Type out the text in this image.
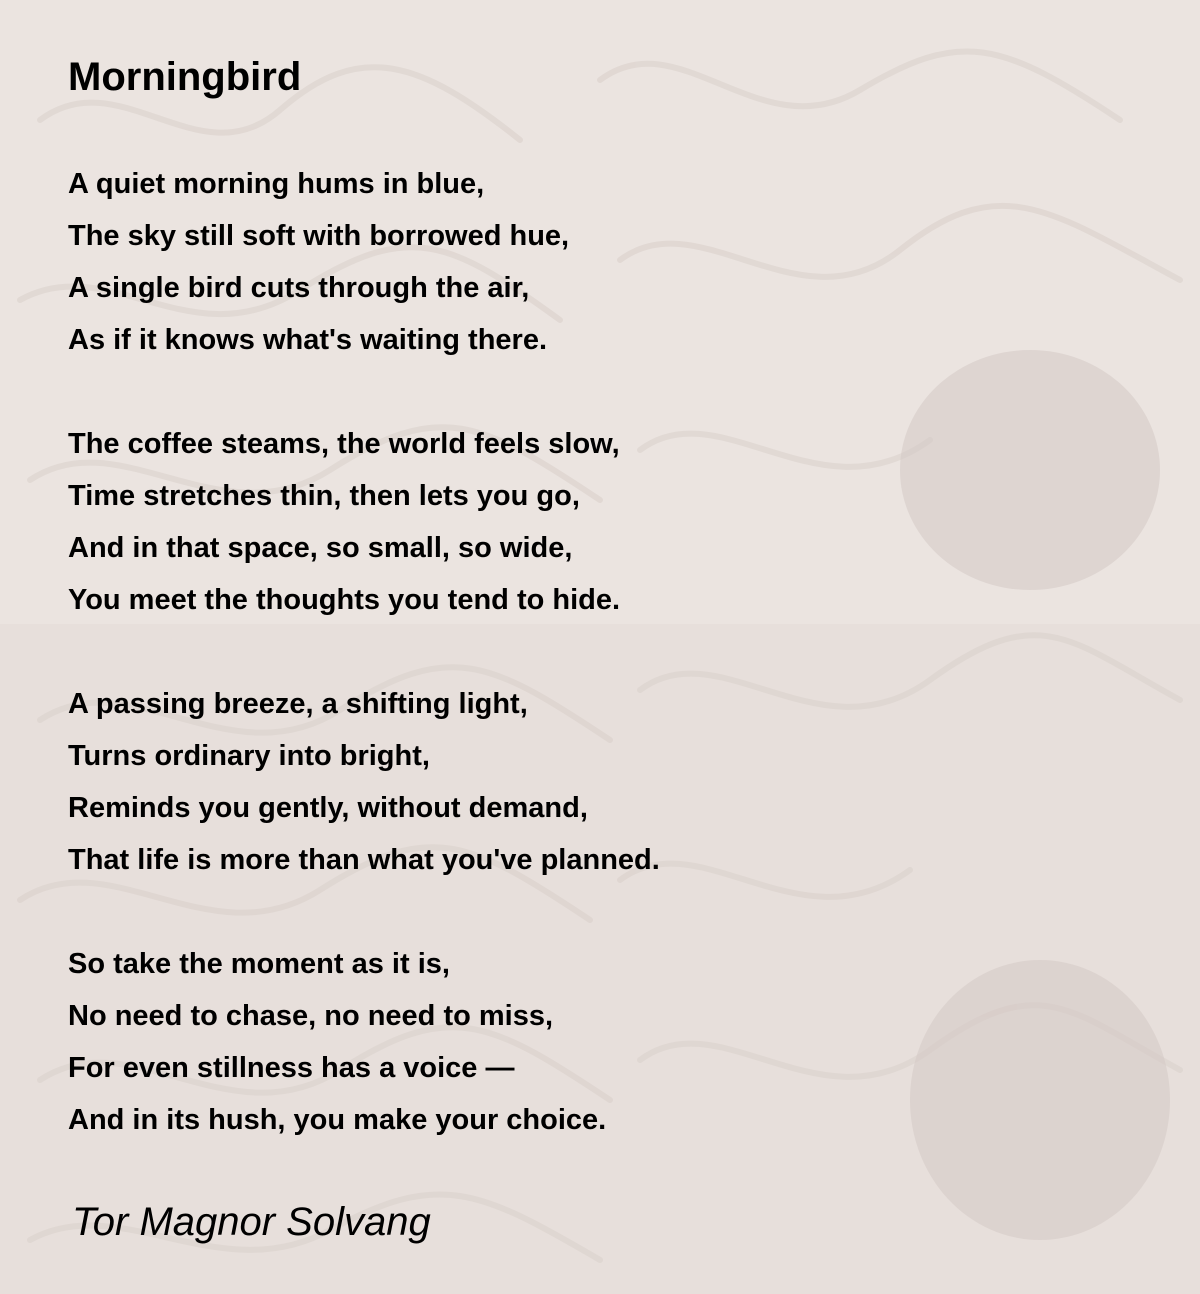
Morningbird
A quiet morning hums in blue,
The sky still soft with borrowed hue,
A single bird cuts through the air,
As if it knows what's waiting there.
The coffee steams, the world feels slow,
Time stretches thin, then lets you go,
And in that space, so small, so wide,
You meet the thoughts you tend to hide.
A passing breeze, a shifting light,
Turns ordinary into bright,
Reminds you gently, without demand,
That life is more than what you've planned.
So take the moment as it is,
No need to chase, no need to miss,
For even stillness has a voice —
And in its hush, you make your choice.
Tor Magnor Solvang
